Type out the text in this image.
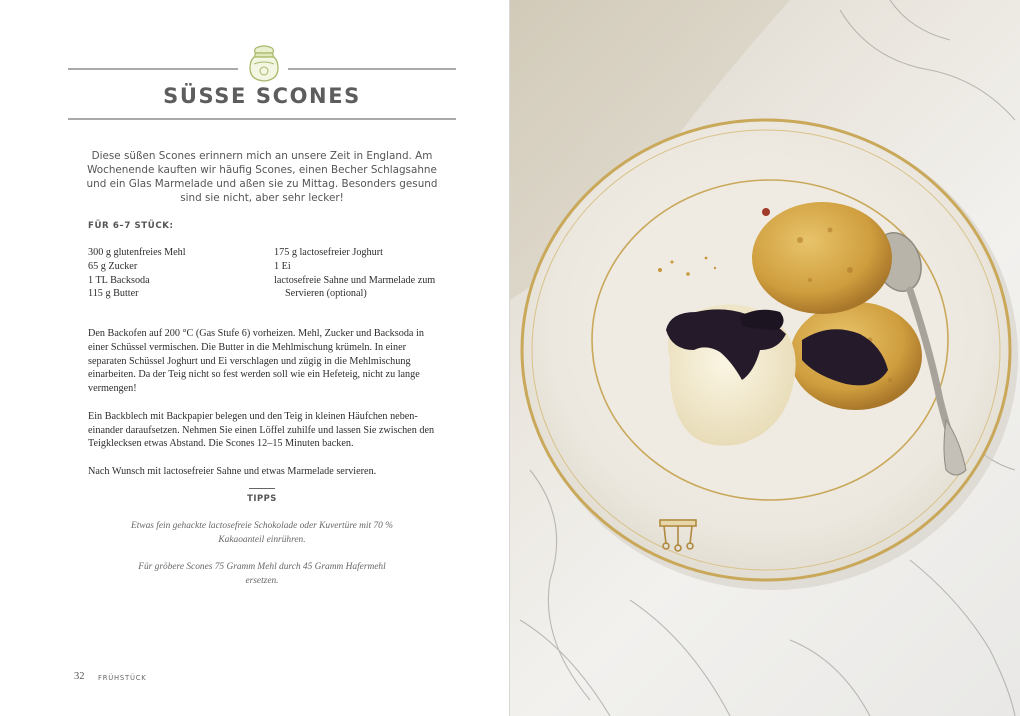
SÜSSE SCONES

Diese süßen Scones erinnern mich an unsere Zeit in England. Am Wochenende kauften wir häufig Scones, einen Becher Schlagsahne und ein Glas Marmelade und aßen sie zu Mittag. Besonders gesund sind sie nicht, aber sehr lecker!

FÜR 6–7 STÜCK:
300 g glutenfreies Mehl
65 g Zucker
1 TL Backsoda
115 g Butter
175 g lactosefreier Joghurt
1 Ei
lactosefreie Sahne und Marmelade zum
Servieren (optional)

Den Backofen auf 200 °C (Gas Stufe 6) vorheizen. Mehl, Zucker und Backsoda in einer Schüssel vermischen. Die Butter in die Mehlmischung krümeln. In einer separaten Schüssel Joghurt und Ei verschlagen und zügig in die Mehlmischung einarbeiten. Da der Teig nicht so fest werden soll wie ein Hefeteig, nicht zu lange vermengen!

Ein Backblech mit Backpapier belegen und den Teig in kleinen Häufchen neben- einander daraufsetzen. Nehmen Sie einen Löffel zuhilfe und lassen Sie zwischen den Teigklecksen etwas Abstand. Die Scones 12–15 Minuten backen.

Nach Wunsch mit lactosefreier Sahne und etwas Marmelade servieren.

TIPPS

Etwas fein gehackte lactosefreie Schokolade oder Kuvertüre mit 70 % Kakaoanteil einrühren.

Für gröbere Scones 75 Gramm Mehl durch 45 Gramm Hafermehl ersetzen.

32 FRÜHSTÜCK
